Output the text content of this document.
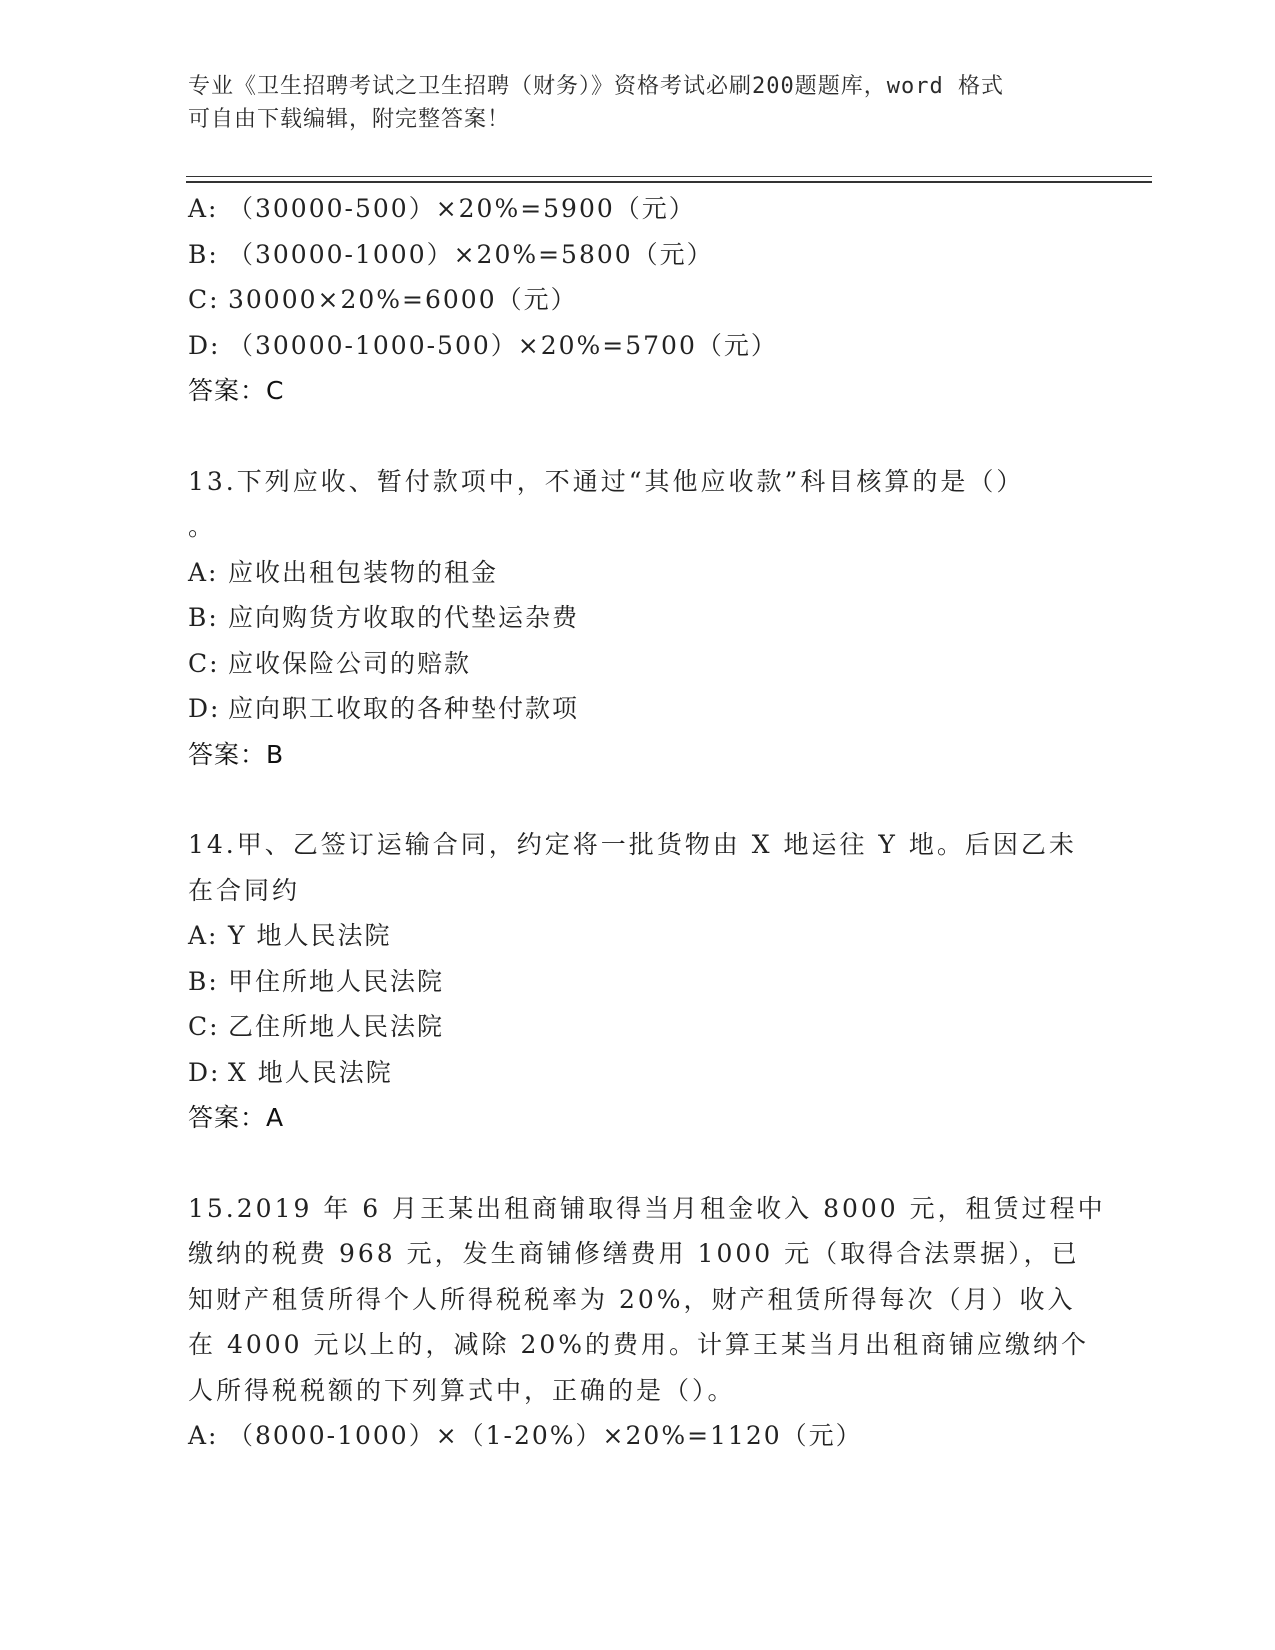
专业《卫生招聘考试之卫生招聘（财务）》资格考试必刷200题题库，word 格式
可自由下载编辑，附完整答案！
A: （30000-500）×20%=5900（元）
B: （30000-1000）×20%=5800（元）
C: 30000×20%=6000（元）
D: （30000-1000-500）×20%=5700（元）
答案：C
13.下列应收、暂付款项中，不通过“其他应收款”科目核算的是（）
。
A: 应收出租包装物的租金
B: 应向购货方收取的代垫运杂费
C: 应收保险公司的赔款
D: 应向职工收取的各种垫付款项
答案：B
14.甲、乙签订运输合同，约定将一批货物由 X 地运往 Y 地。后因乙未
在合同约
A: Y 地人民法院
B: 甲住所地人民法院
C: 乙住所地人民法院
D: X 地人民法院
答案：A
15.2019 年 6 月王某出租商铺取得当月租金收入 8000 元，租赁过程中
缴纳的税费 968 元，发生商铺修缮费用 1000 元（取得合法票据），已
知财产租赁所得个人所得税税率为 20%，财产租赁所得每次（月）收入
在 4000 元以上的，减除 20%的费用。计算王某当月出租商铺应缴纳个
人所得税税额的下列算式中，正确的是（）。
A: （8000-1000）×（1-20%）×20%=1120（元）
